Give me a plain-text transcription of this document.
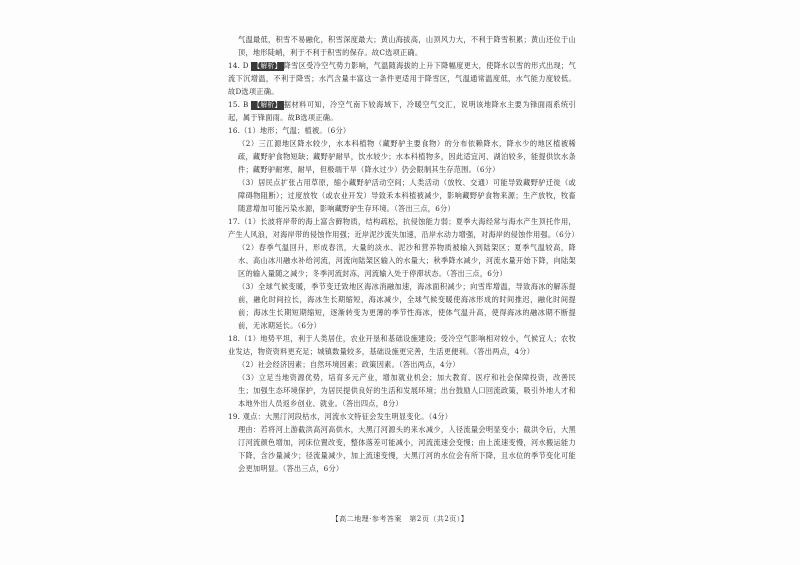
气温最低，积雪不易融化，积雪深度最大；黄山海拔高，山顶风力大，不利于降雪积累；黄山还位于山顶，地形陡峭，利于不利于积雪的保存。故C选项正确。

14. D 【解析】 降雪区受冷空气势力影响，气温随海拔的上升下降幅度更大，使降水以雪的形式出现；气流下沉增温，不利于降雪；水汽含量丰富这一条件更适用于降雪区，气温通常温度低，水气能力度较低。故D选项正确。

15. B 【解析】 据材料可知，冷空气南下较海域下，冷暖空气交汇，说明该地降水主要为锋面雨系统引起，属于锋面雨。故B选项正确。

16.（1）地形；气温；植被。（6分）

（2）三江源地区降水较少，水本科植物（藏野驴主要食物）的分布依赖降水，降水少的地区植被稀疏，藏野驴食物短缺；藏野驴耐旱，饮水较少；水本科植物多，因此适宜河、湖泊较多，能提供饮水条件；藏野驴耐寒，耐旱，但极端干旱（降水过少）仍会限制其生存范围。（6分）

（3）居民点扩张占用草原，缩小藏野驴活动空间；人类活动（放牧、交通）可能导致藏野驴迁徙（或障碍物阻断）；过度放牧（或农业开发）导致禾本科植被减少，影响藏野驴食物来源；生产放牧，牧畜随意增加可能污染水源，影响藏野驴生存环境。（答出三点，6分）

17.（1）长波将岸带的海上富含藓物质，结构疏松，抗侵蚀能力弱；夏季大海经常与海水产生顶托作用，产生人风浪，对海岸带的侵蚀作用强；近岸泥沙流失加速，沿岸水动力增强，对海岸的侵蚀作用强。（6分）

（2）春季气温回升，形成春汛，大量的淡水、泥沙和营养物质被输入到陆架区；夏季气温较高，降水、高山冰川融水补给河流，河流向陆架区输入的水量大；秋季降水减少，河流水量开始下降，向陆架区的输入量随之减少；冬季河流封冻，河流输入处于停滞状态。（答出三点，6分）

（3）全球气候变暖，季节变迁致地区海冰消融加速，海冰面积减少；向雪库增温，导致海冰的解冻提前，融化时间拉长，海冰生长期缩短，海冰减少，全球气候变暖使海冰形成的时间推迟，融化时间提前；海冰生长期短期缩短，逐渐转变为更薄的季节性海冰，使体气温升高，使得海冰的融冰期不断提前，无冰期延长。（6分）

18.（1）地势平坦，利于人类居住，农业开垦和基础设施建设；受冷空气影响相对较小，气候宜人；农牧业发达，物资资料更充足；城镇数量较多，基础设施更完善，生活更便利。（答出两点，4分）

（2）社会经济因素；自然环境因素；政策因素。（答出两点，4分）

（3）立足当地资源优势，培育多元产业，增加就业机会；加大教育、医疗和社会保障投资，改善民生；加强生态环境保护，为居民提供良好的生活和发展环境；出台鼓励人口回流政策，吸引外地人才和本地外出人员返乡创业、就业。（答出四点，8分）

19. 观点：大黑汀河段枯水，河流水文特征会发生明显变化。（4分）

理由：若将河上游截洪高河高供水，大黑汀河源头的来水减少，人径流量会明显变小；截洪令后，大黑汀河流颜色增加，河床位置改变，整体落差可能减小，河流流速会变慢；由上流速变慢，河水搬运能力下降，含沙量减少；径流量减少，加上流速变慢，大黑汀河的水位会有所下降，且水位的季节变化可能会更加明显。（答出三点，6分）

【高二地理·参考答案　第2页（共2页）】
